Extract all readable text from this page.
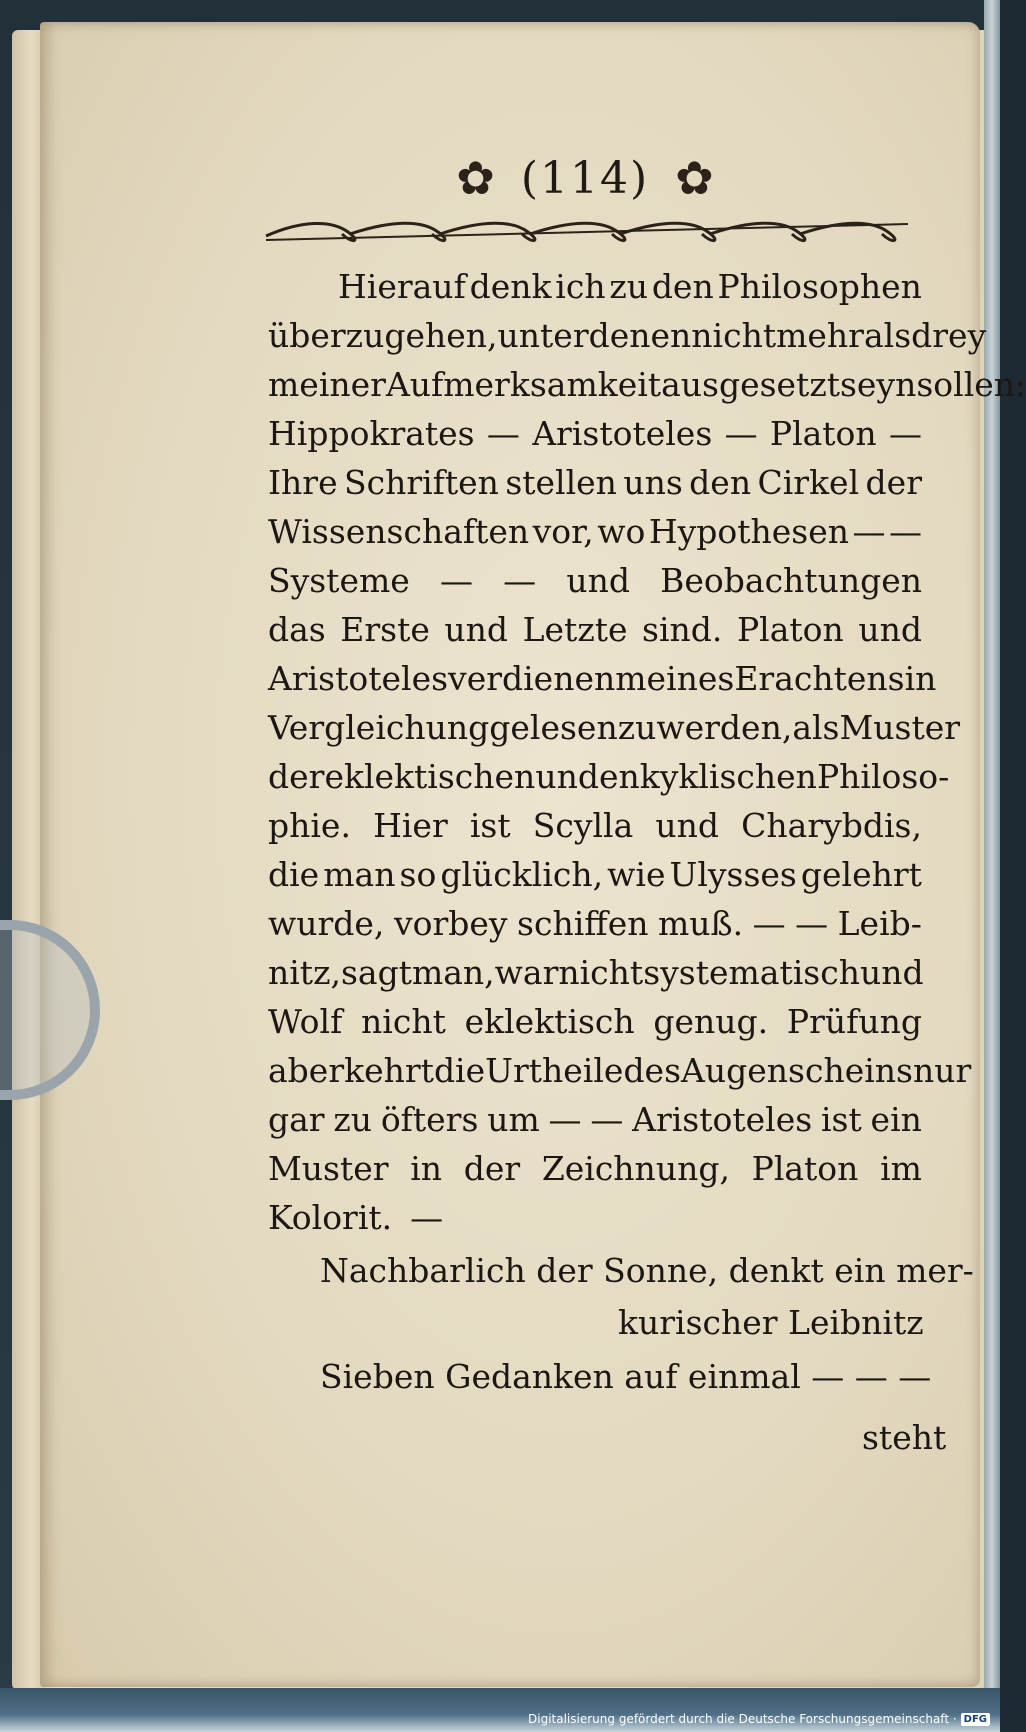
✿ (114) ✿
Hierauf denk ich zu den Philosophen
überzugehen, unter denen nicht mehr als drey
meiner Aufmerksamkeit ausgesetzt seyn sollen:
Hippokrates — Aristoteles — Platon —
Ihre Schriften stellen uns den Cirkel der
Wissenschaften vor, wo Hypothesen — —
Systeme — — und Beobachtungen
das Erste und Letzte sind. Platon und
Aristoteles verdienen meines Erachtens in
Vergleichung gelesen zu werden, als Muster
der eklektischen und enkyklischen Philoso-
phie. Hier ist Scylla und Charybdis,
die man so glücklich, wie Ulysses gelehrt
wurde, vorbey schiffen muß. — — Leib-
nitz, sagt man, war nicht systematisch und
Wolf nicht eklektisch genug. Prüfung
aber kehrt die Urtheile des Augenscheins nur
gar zu öfters um — — Aristoteles ist ein
Muster in der Zeichnung, Platon im
Kolorit. —
Nachbarlich der Sonne, denkt ein mer-
kurischer Leibnitz
Sieben Gedanken auf einmal — — —
steht
Digitalisierung gefördert durch die Deutsche Forschungsgemeinschaft · DFG
